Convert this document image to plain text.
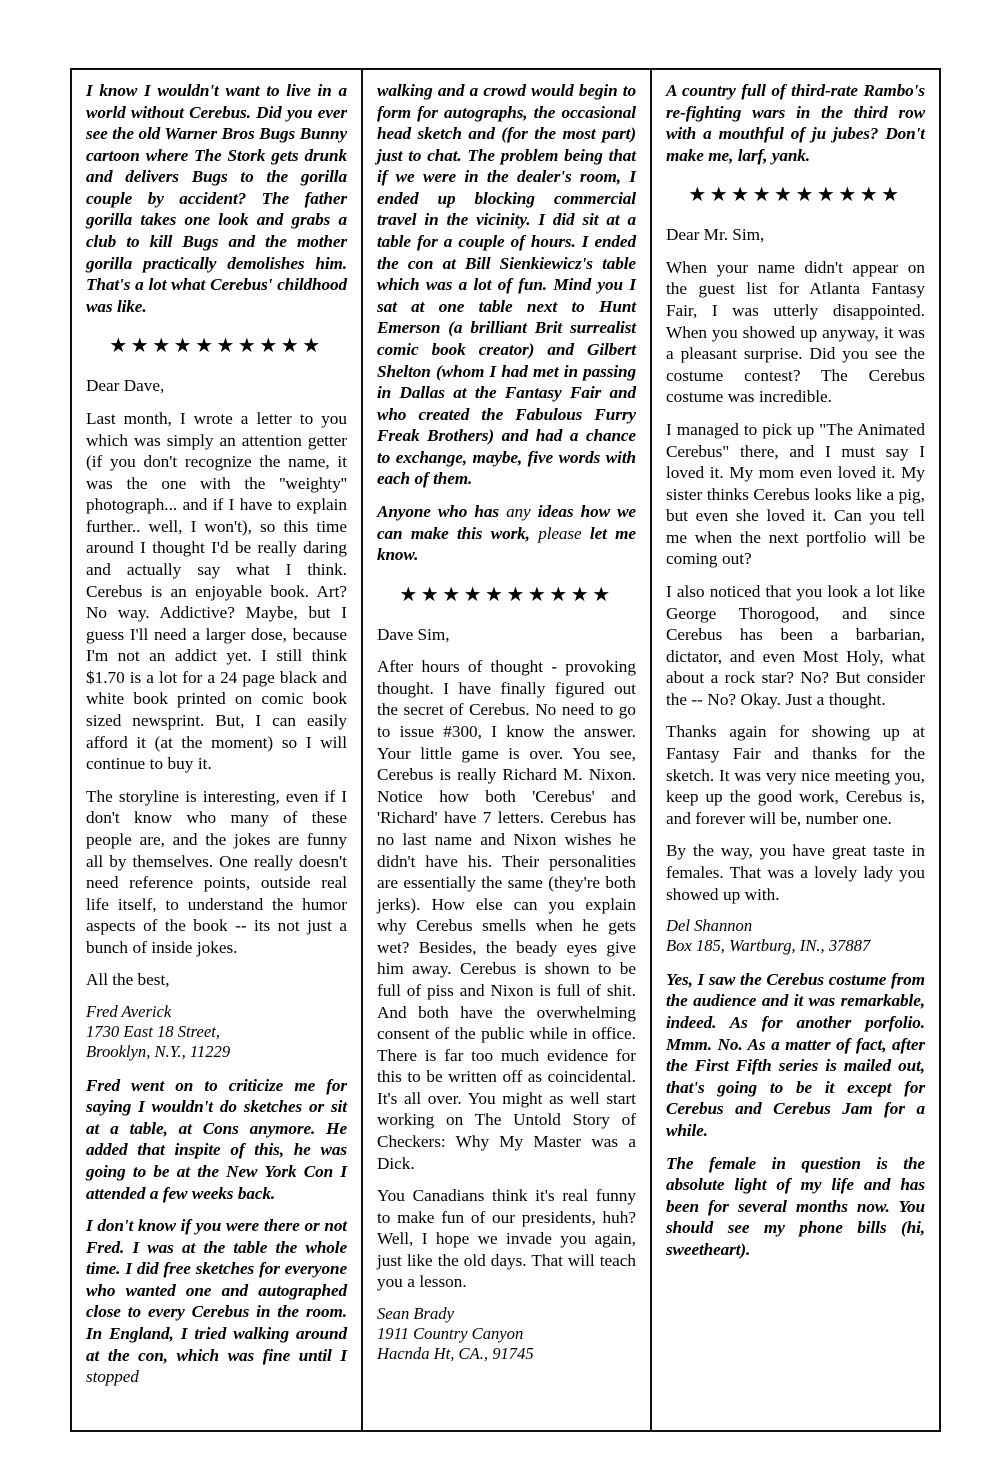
I know I wouldn't want to live in a world without Cerebus. Did you ever see the old Warner Bros Bugs Bunny cartoon where The Stork gets drunk and delivers Bugs to the gorilla couple by accident? The father gorilla takes one look and grabs a club to kill Bugs and the mother gorilla practically demolishes him. That's a lot what Cerebus' childhood was like.

★★★★★★★★★★

Dear Dave,

Last month, I wrote a letter to you which was simply an attention getter (if you don't recognize the name, it was the one with the ''weighty'' photograph... and if I have to explain further.. well, I won't), so this time around I thought I'd be really daring and actually say what I think. Cerebus is an enjoyable book. Art? No way. Addictive? Maybe, but I guess I'll need a larger dose, because I'm not an addict yet. I still think $1.70 is a lot for a 24 page black and white book printed on comic book sized newsprint. But, I can easily afford it (at the moment) so I will continue to buy it.

The storyline is interesting, even if I don't know who many of these people are, and the jokes are funny all by themselves. One really doesn't need reference points, outside real life itself, to understand the humor aspects of the book -- its not just a bunch of inside jokes.

All the best,

Fred Averick
1730 East 18 Street,
Brooklyn, N.Y., 11229

Fred went on to criticize me for saying I wouldn't do sketches or sit at a table, at Cons anymore. He added that inspite of this, he was going to be at the New York Con I attended a few weeks back.

I don't know if you were there or not Fred. I was at the table the whole time. I did free sketches for everyone who wanted one and autographed close to every Cerebus in the room. In England, I tried walking around at the con, which was fine until I stopped

walking and a crowd would begin to form for autographs, the occasional head sketch and (for the most part) just to chat. The problem being that if we were in the dealer's room, I ended up blocking commercial travel in the vicinity. I did sit at a table for a couple of hours. I ended the con at Bill Sienkiewicz's table which was a lot of fun. Mind you I sat at one table next to Hunt Emerson (a brilliant Brit surrealist comic book creator) and Gilbert Shelton (whom I had met in passing in Dallas at the Fantasy Fair and who created the Fabulous Furry Freak Brothers) and had a chance to exchange, maybe, five words with each of them.

Anyone who has any ideas how we can make this work, please let me know.

★★★★★★★★★★

Dave Sim,

After hours of thought - provoking thought. I have finally figured out the secret of Cerebus. No need to go to issue #300, I know the answer. Your little game is over. You see, Cerebus is really Richard M. Nixon. Notice how both 'Cerebus' and 'Richard' have 7 letters. Cerebus has no last name and Nixon wishes he didn't have his. Their personalities are essentially the same (they're both jerks). How else can you explain why Cerebus smells when he gets wet? Besides, the beady eyes give him away. Cerebus is shown to be full of piss and Nixon is full of shit. And both have the overwhelming consent of the public while in office. There is far too much evidence for this to be written off as coincidental. It's all over. You might as well start working on The Untold Story of Checkers: Why My Master was a Dick.

You Canadians think it's real funny to make fun of our presidents, huh? Well, I hope we invade you again, just like the old days. That will teach you a lesson.

Sean Brady
1911 Country Canyon
Hacnda Ht, CA., 91745

A country full of third-rate Rambo's re-fighting wars in the third row with a mouthful of ju jubes? Don't make me, larf, yank.

★★★★★★★★★★

Dear Mr. Sim,

When your name didn't appear on the guest list for Atlanta Fantasy Fair, I was utterly disappointed. When you showed up anyway, it was a pleasant surprise. Did you see the costume contest? The Cerebus costume was incredible.

I managed to pick up "The Animated Cerebus" there, and I must say I loved it. My mom even loved it. My sister thinks Cerebus looks like a pig, but even she loved it. Can you tell me when the next portfolio will be coming out?

I also noticed that you look a lot like George Thorogood, and since Cerebus has been a barbarian, dictator, and even Most Holy, what about a rock star? No? But consider the -- No? Okay. Just a thought.

Thanks again for showing up at Fantasy Fair and thanks for the sketch. It was very nice meeting you, keep up the good work, Cerebus is, and forever will be, number one.

By the way, you have great taste in females. That was a lovely lady you showed up with.

Del Shannon
Box 185, Wartburg, IN., 37887

Yes, I saw the Cerebus costume from the audience and it was remarkable, indeed. As for another porfolio. Mmm. No. As a matter of fact, after the First Fifth series is mailed out, that's going to be it except for Cerebus and Cerebus Jam for a while.

The female in question is the absolute light of my life and has been for several months now. You should see my phone bills (hi, sweetheart).
